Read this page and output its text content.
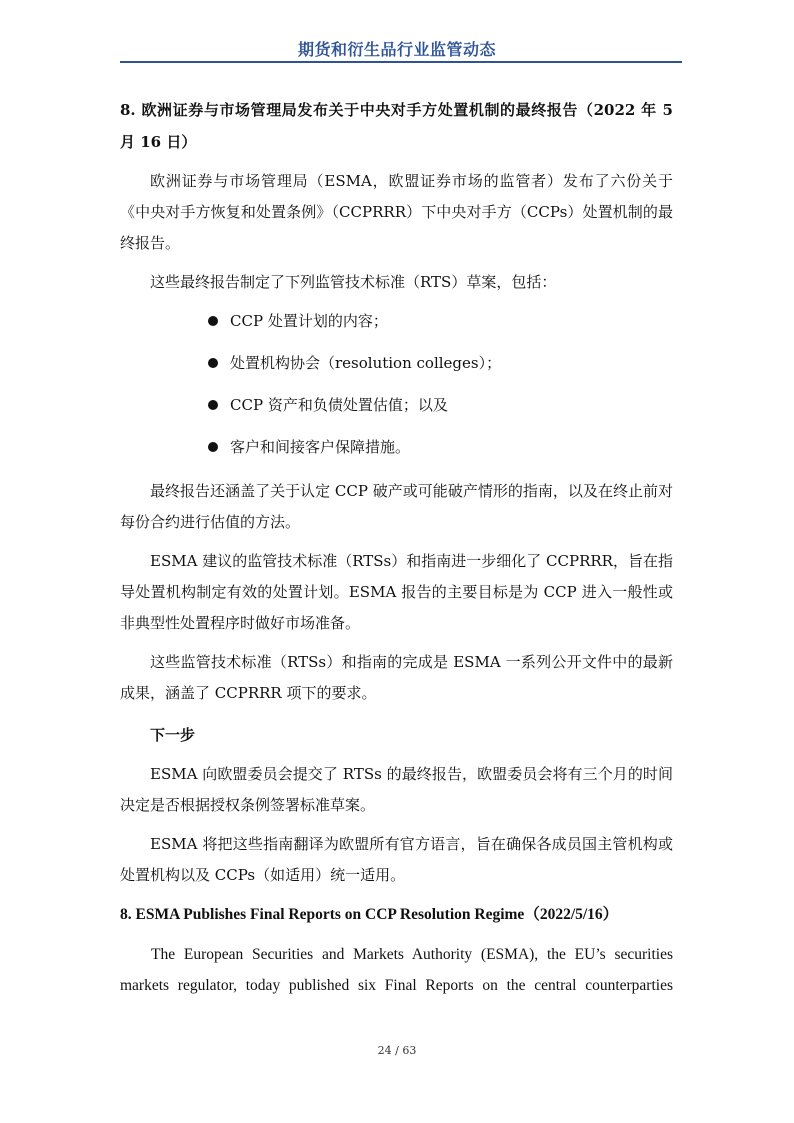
期货和衍生品行业监管动态
8. 欧洲证券与市场管理局发布关于中央对手方处置机制的最终报告（2022 年 5 月 16 日）

欧洲证券与市场管理局（ESMA，欧盟证券市场的监管者）发布了六份关于《中央对手方恢复和处置条例》（CCPRRR）下中央对手方（CCPs）处置机制的最终报告。

这些最终报告制定了下列监管技术标准（RTS）草案，包括：

CCP 处置计划的内容；
处置机构协会（resolution colleges）；
CCP 资产和负债处置估值；以及
客户和间接客户保障措施。

最终报告还涵盖了关于认定 CCP 破产或可能破产情形的指南，以及在终止前对每份合约进行估值的方法。

ESMA 建议的监管技术标准（RTSs）和指南进一步细化了 CCPRRR，旨在指导处置机构制定有效的处置计划。ESMA 报告的主要目标是为 CCP 进入一般性或非典型性处置程序时做好市场准备。

这些监管技术标准（RTSs）和指南的完成是 ESMA 一系列公开文件中的最新成果，涵盖了 CCPRRR 项下的要求。

下一步

ESMA 向欧盟委员会提交了 RTSs 的最终报告，欧盟委员会将有三个月的时间决定是否根据授权条例签署标准草案。

ESMA 将把这些指南翻译为欧盟所有官方语言，旨在确保各成员国主管机构或处置机构以及 CCPs（如适用）统一适用。

8. ESMA Publishes Final Reports on CCP Resolution Regime（2022/5/16）

The European Securities and Markets Authority (ESMA), the EU’s securities markets regulator, today published six Final Reports on the central counterparties

24 / 63
